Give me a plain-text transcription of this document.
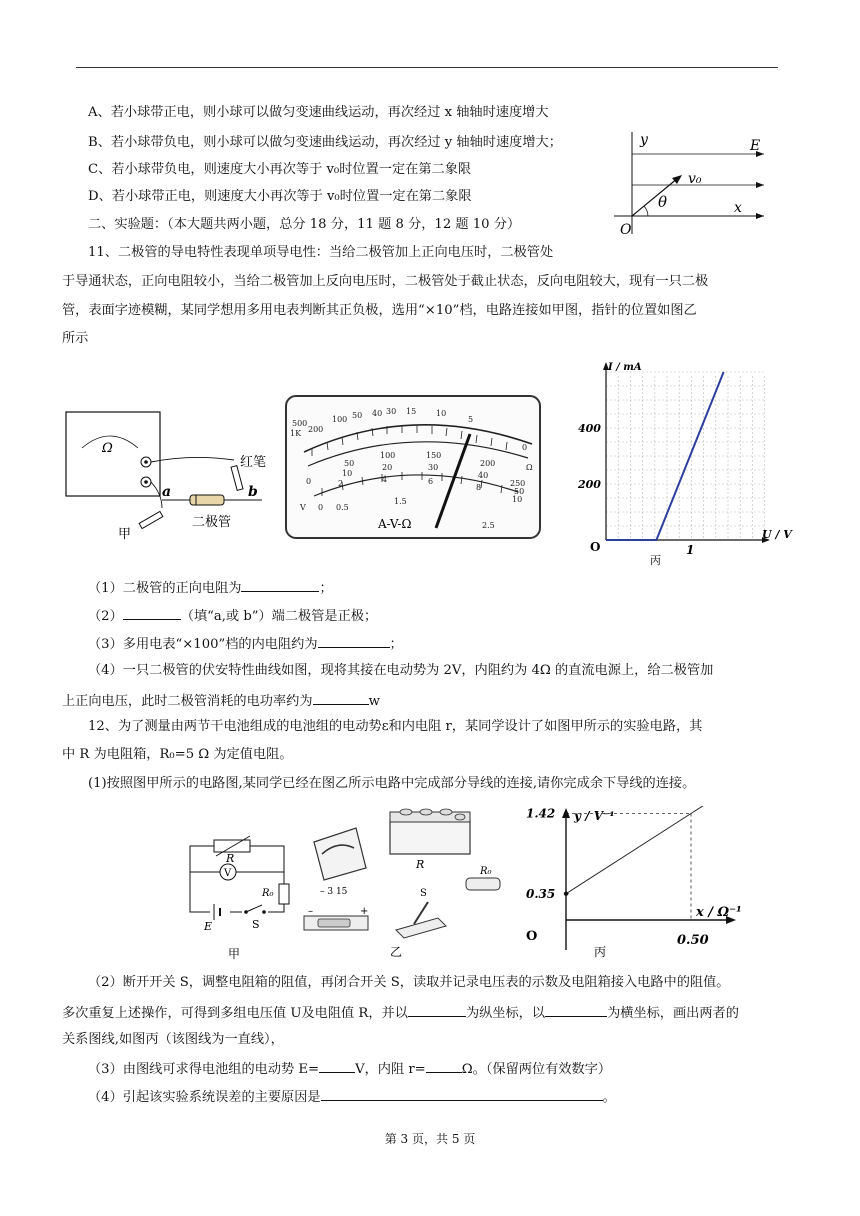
A、若小球带正电，则小球可以做匀变速曲线运动，再次经过 x 轴轴时速度增大
B、若小球带负电，则小球可以做匀变速曲线运动，再次经过 y 轴轴时速度增大；
C、若小球带负电，则速度大小再次等于 v₀时位置一定在第二象限
D、若小球带正电，则速度大小再次等于 v₀时位置一定在第二象限
二、实验题：（本大题共两小题，总分 18 分，11 题 8 分，12 题 10 分）
y	E
v₀
θ	x
O
11、二极管的导电特性表现单项导电性：当给二极管加上正向电压时，二极管处
于导通状态，正向电阻较小，当给二极管加上反向电压时，二极管处于截止状态，反向电阻较大，现有一只二极
管，表面字迹模糊，某同学想用多用电表判断其正负极，选用“×10”档，电路连接如甲图，指针的位置如图乙
所示
Ω
红笔
a	b
二极管
甲
500
1K 200
100 50 40 30 15 10
5
0
Ω
50
100	150
200
10
20	30
40
0	2	4	6
8	250
50
10
0 0.5
1.5
2.5
V
A-V-Ω
I / mA
U / V
O
400
200
1
丙
（1）二极管的正向电阻为	；
（2）	（填“a,或 b”）端二极管是正极；
（3）多用电表“×100”档的内电阻约为	；
（4）一只二极管的伏安特性曲线如图，现将其接在电动势为 2V，内阻约为 4Ω 的直流电源上，给二极管加
上正向电压，此时二极管消耗的电功率约为	w
12、为了测量由两节干电池组成的电池组的电动势ε和内电阻 r，某同学设计了如图甲所示的实验电路，其
中 R 为电阻箱，R₀=5 Ω 为定值电阻。
(1)按照图甲所示的电路图,某同学已经在图乙所示电路中完成部分导线的连接,请你完成余下导线的连接。
R
V
R₀
E	S
甲
– 3 15
R
R₀
–	+
S
乙
y / V⁻¹
x / Ω⁻¹
O
1.42
0.35
0.50
丙
（2）断开开关 S，调整电阻箱的阻值，再闭合开关 S，读取并记录电压表的示数及电阻箱接入电路中的阻值。
多次重复上述操作，可得到多组电压值 U及电阻值 R，并以	为纵坐标，以	为横坐标，画出两者的
关系图线,如图丙（该图线为一直线），
（3）由图线可求得电池组的电动势 E=	V，内阻 r=	Ω。（保留两位有效数字）
（4）引起该实验系统误差的主要原因是	。
第 3 页，共 5 页
